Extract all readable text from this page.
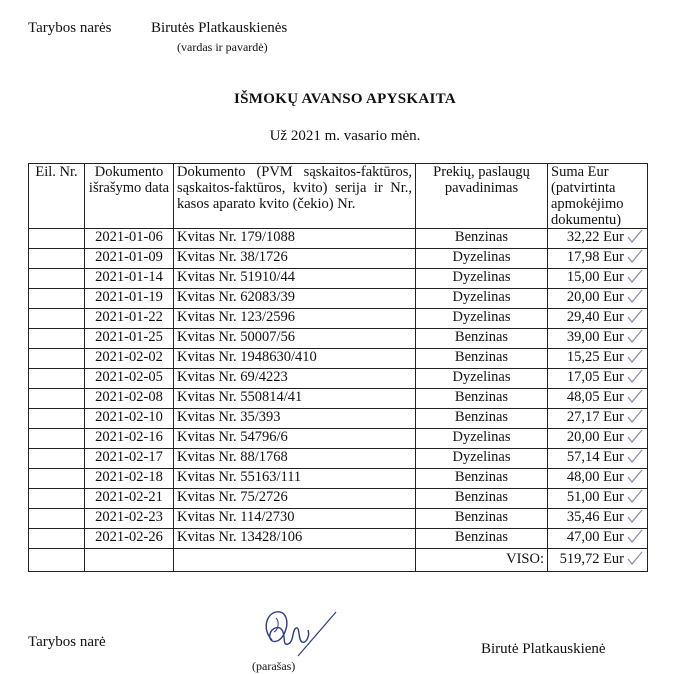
Tarybos narės	Birutės Platkauskienės
(vardas ir pavardė)
IŠMOKŲ AVANSO APYSKAITA
Už 2021 m. vasario mėn.
Eil. Nr.	Dokumento išrašymo data	Dokumento (PVM sąskaitos-faktūros, sąskaitos-faktūros, kvito) serija ir Nr., kasos aparato kvito (čekio) Nr.	Prekių, paslaugų pavadinimas	Suma Eur (patvirtinta apmokėjimo dokumentu)
	2021-01-06	Kvitas Nr. 179/1088	Benzinas	32,22 Eur
	2021-01-09	Kvitas Nr. 38/1726	Dyzelinas	17,98 Eur
	2021-01-14	Kvitas Nr. 51910/44	Dyzelinas	15,00 Eur
	2021-01-19	Kvitas Nr. 62083/39	Dyzelinas	20,00 Eur
	2021-01-22	Kvitas Nr. 123/2596	Dyzelinas	29,40 Eur
	2021-01-25	Kvitas Nr. 50007/56	Benzinas	39,00 Eur
	2021-02-02	Kvitas Nr. 1948630/410	Benzinas	15,25 Eur
	2021-02-05	Kvitas Nr. 69/4223	Dyzelinas	17,05 Eur
	2021-02-08	Kvitas Nr. 550814/41	Benzinas	48,05 Eur
	2021-02-10	Kvitas Nr. 35/393	Benzinas	27,17 Eur
	2021-02-16	Kvitas Nr. 54796/6	Dyzelinas	20,00 Eur
	2021-02-17	Kvitas Nr. 88/1768	Dyzelinas	57,14 Eur
	2021-02-18	Kvitas Nr. 55163/111	Benzinas	48,00 Eur
	2021-02-21	Kvitas Nr. 75/2726	Benzinas	51,00 Eur
	2021-02-23	Kvitas Nr. 114/2730	Benzinas	35,46 Eur
	2021-02-26	Kvitas Nr. 13428/106	Benzinas	47,00 Eur
			VISO:	519,72 Eur
Tarybos narė
(parašas)
Birutė Platkauskienė
